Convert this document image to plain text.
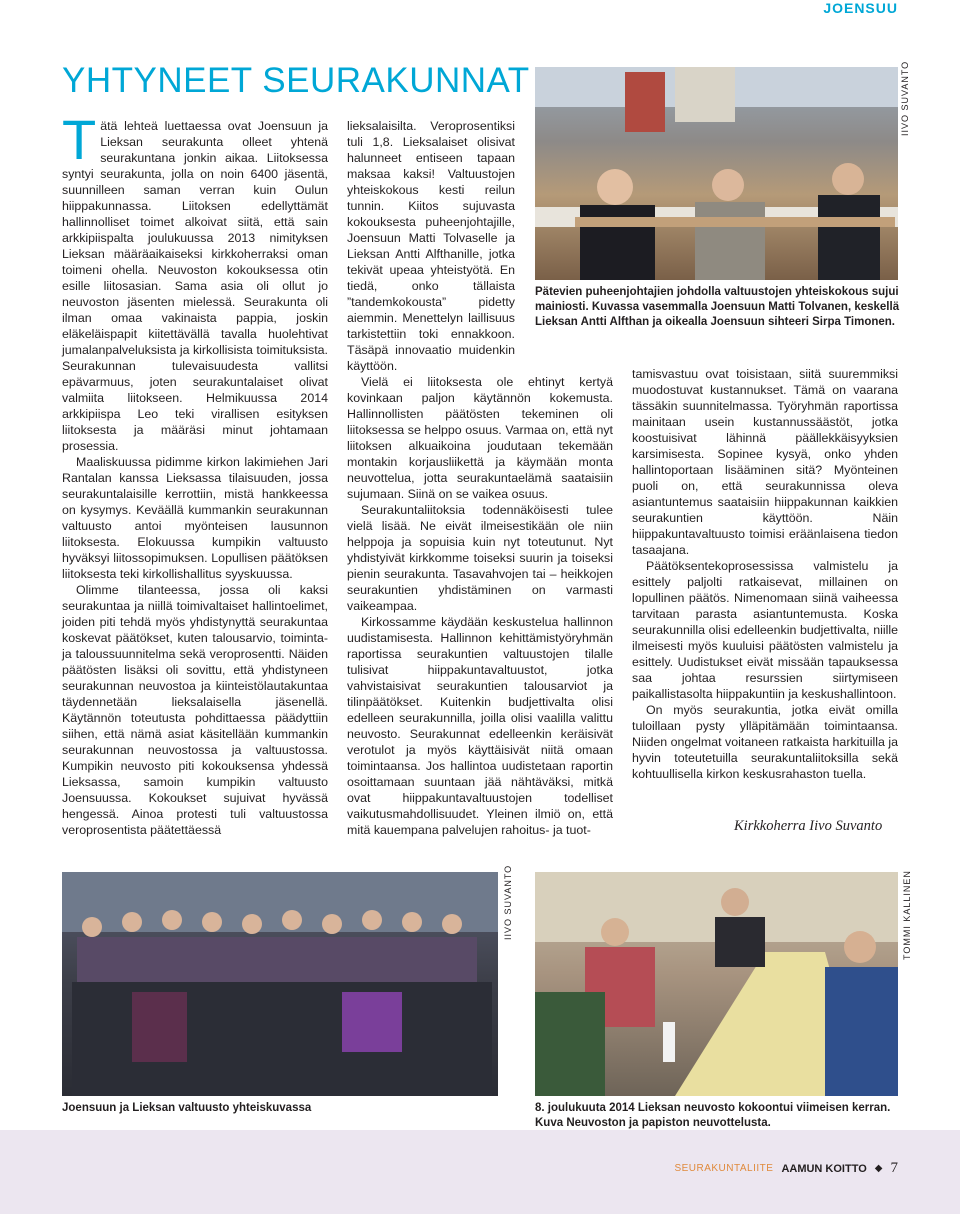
JOENSUU
YHTYNEET SEURAKUNNAT

Tätä lehteä luettaessa ovat Joensuun ja Lieksan seurakunta olleet yhtenä seurakuntana jonkin aikaa. Liitoksessa syntyi seurakunta, jolla on noin 6400 jäsentä, suunnilleen saman verran kuin Oulun hiippakunnassa. Liitoksen edellyttämät hallinnolliset toimet alkoivat siitä, että sain arkkipiispalta joulukuussa 2013 nimityksen Lieksan määräaikaiseksi kirkkoherraksi oman toimeni ohella. Neuvoston kokouksessa otin esille liitosasian. Sama asia oli ollut jo neuvoston jäsenten mielessä. Seurakunta oli ilman omaa vakinaista pappia, joskin eläkeläispapit kiitettävällä tavalla huolehtivat jumalanpalveluksista ja kirkollisista toimituksista. Seurakunnan tulevaisuudesta vallitsi epävarmuus, joten seurakuntalaiset olivat valmiita liitokseen. Helmikuussa 2014 arkkipiispa Leo teki virallisen esityksen liitoksesta ja määräsi minut johtamaan prosessia.

Maaliskuussa pidimme kirkon lakimiehen Jari Rantalan kanssa Lieksassa tilaisuuden, jossa seurakuntalaisille kerrottiin, mistä hankkeessa on kysymys. Keväällä kummankin seurakunnan valtuusto antoi myönteisen lausunnon liitoksesta. Elokuussa kumpikin valtuusto hyväksyi liitossopimuksen. Lopullisen päätöksen liitoksesta teki kirkollishallitus syyskuussa.

Olimme tilanteessa, jossa oli kaksi seurakuntaa ja niillä toimivaltaiset hallintoelimet, joiden piti tehdä myös yhdistynyttä seurakuntaa koskevat päätökset, kuten talousarvio, toiminta- ja taloussuunnitelma sekä veroprosentti. Näiden päätösten lisäksi oli sovittu, että yhdistyneen seurakunnan neuvostoa ja kiinteistölautakuntaa täydennetään lieksalaisella jäsenellä. Käytännön toteutusta pohdittaessa päädyttiin siihen, että nämä asiat käsitellään kummankin seurakunnan neuvostossa ja valtuustossa. Kumpikin neuvosto piti kokouksensa yhdessä Lieksassa, samoin kumpikin valtuusto Joensuussa. Kokoukset sujuivat hyvässä hengessä. Ainoa protesti tuli valtuustossa veroprosentista päätettäessä

lieksalaisilta. Veroprosentiksi tuli 1,8. Lieksalaiset olisivat halunneet entiseen tapaan maksaa kaksi! Valtuustojen yhteiskokous kesti reilun tunnin. Kiitos sujuvasta kokouksesta puheenjohtajille, Joensuun Matti Tolvaselle ja Lieksan Antti Alfthanille, jotka tekivät upeaa yhteistyötä. En tiedä, onko tällaista ”tandemkokousta” pidetty aiemmin. Menettelyn laillisuus tarkistettiin toki ennakkoon. Täsäpä innovaatio muidenkin käyttöön.

Vielä ei liitoksesta ole ehtinyt kertyä kovinkaan paljon käytännön kokemusta. Hallinnollisten päätösten tekeminen oli liitoksessa se helppo osuus. Varmaa on, että nyt liitoksen alkuaikoina joudutaan tekemään montakin korjausliikettä ja käymään monta neuvottelua, jotta seurakuntaelämä saataisiin sujumaan. Siinä on se vaikea osuus.

Seurakuntaliitoksia todennäköisesti tulee vielä lisää. Ne eivät ilmeisestikään ole niin helppoja ja sopuisia kuin nyt toteutunut. Nyt yhdistyivät kirkkomme toiseksi suurin ja toiseksi pienin seurakunta. Tasavahvojen tai – heikkojen seurakuntien yhdistäminen on varmasti vaikeampaa.

Kirkossamme käydään keskustelua hallinnon uudistamisesta. Hallinnon kehittämistyöryhmän raportissa seurakuntien valtuustojen tilalle tulisivat hiippakuntavaltuustot, jotka vahvistaisivat seurakuntien talousarviot ja tilinpäätökset. Kuitenkin budjettivalta olisi edelleen seurakunnilla, joilla olisi vaalilla valittu neuvosto. Seurakunnat edelleenkin keräisivät verotulot ja myös käyttäisivät niitä omaan toimintaansa. Jos hallintoa uudistetaan raportin osoittamaan suuntaan jää nähtäväksi, mitkä ovat hiippakuntavaltuustojen todelliset vaikutusmahdollisuudet. Yleinen ilmiö on, että mitä kauempana palvelujen rahoitus- ja tuot-

IIVO SUVANTO
Pätevien puheenjohtajien johdolla valtuustojen yhteiskokous sujui mainiosti. Kuvassa vasemmalla Joensuun Matti Tolvanen, keskellä Lieksan Antti Alfthan ja oikealla Joensuun sihteeri Sirpa Timonen.

tamisvastuu ovat toisistaan, siitä suuremmiksi muodostuvat kustannukset. Tämä on vaarana tässäkin suunnitelmassa. Työryhmän raportissa mainitaan usein kustannussäästöt, jotka koostuisivat lähinnä päällekkäisyyksien karsimisesta. Sopinee kysyä, onko yhden hallintoportaan lisääminen sitä? Myönteinen puoli on, että seurakunnissa oleva asiantuntemus saataisiin hiippakunnan kaikkien seurakuntien käyttöön. Näin hiippakuntavaltuusto toimisi eräänlaisena tiedon tasaajana.

Päätöksentekoprosessissa valmistelu ja esittely paljolti ratkaisevat, millainen on lopullinen päätös. Nimenomaan siinä vaiheessa tarvitaan parasta asiantuntemusta. Koska seurakunnilla olisi edelleenkin budjettivalta, niille ilmeisesti myös kuuluisi päätösten valmistelu ja esittely. Uudistukset eivät missään tapauksessa saa johtaa resurssien siirtymiseen paikallistasolta hiippakuntiin ja keskushallintoon.

On myös seurakuntia, jotka eivät omilla tuloillaan pysty ylläpitämään toimintaansa. Niiden ongelmat voitaneen ratkaista harkituilla ja hyvin toteutetuilla seurakuntaliitoksilla sekä kohtuullisella kirkon keskusrahaston tuella.

Kirkkoherra Iivo Suvanto
IIVO SUVANTO
Joensuun ja Lieksan valtuusto yhteiskuvassa
TOMMI KALLINEN
8. joulukuuta 2014 Lieksan neuvosto kokoontui viimeisen kerran. Kuva Neuvoston ja papiston neuvottelusta.
SEURAKUNTALIITE AAMUN KOITTO ◆ 7
